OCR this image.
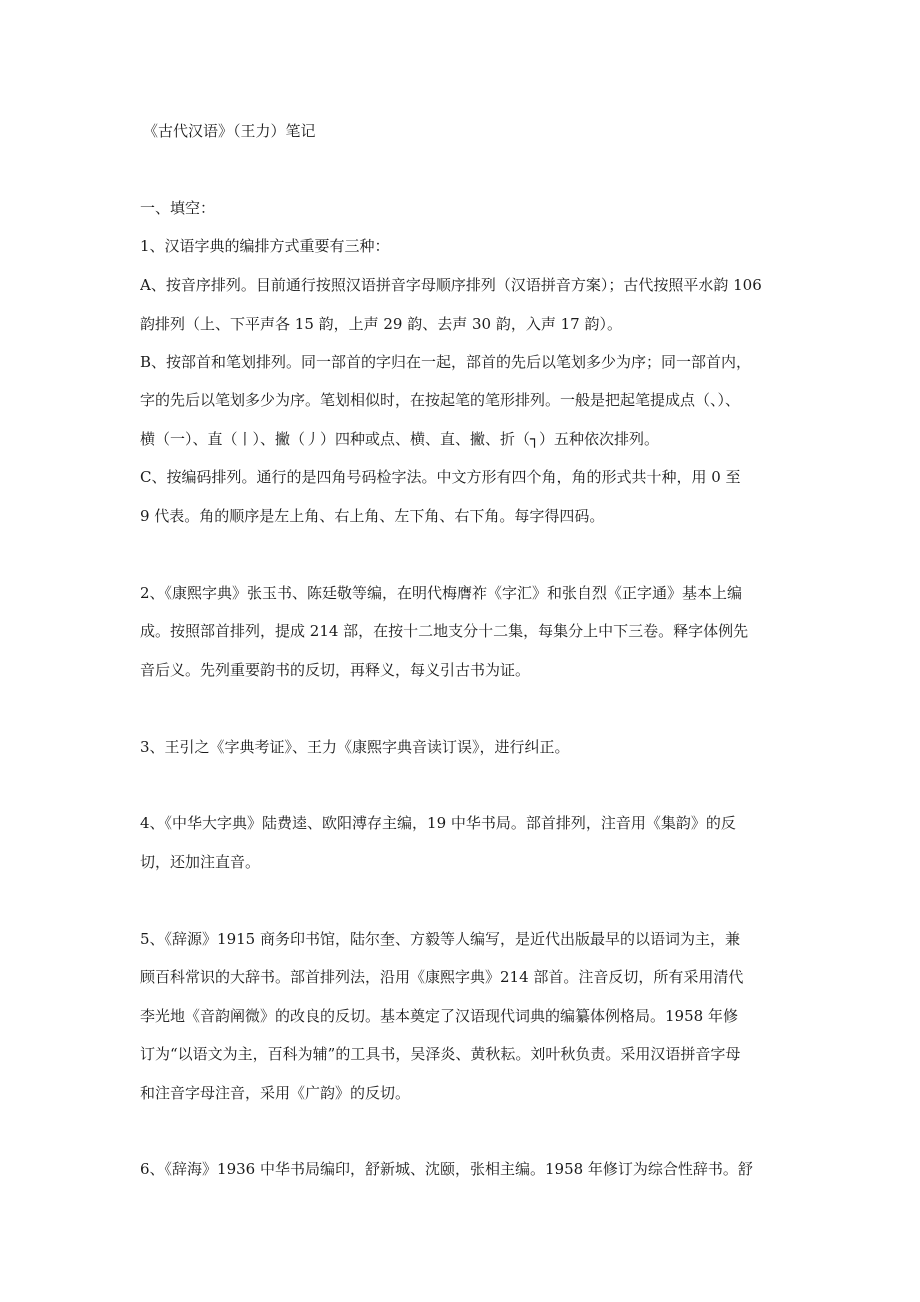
《古代汉语》（王力）笔记
一、填空：
1、汉语字典的编排方式重要有三种：
A、按音序排列。目前通行按照汉语拼音字母顺序排列（汉语拼音方案）；古代按照平水韵 106
韵排列（上、下平声各 15 韵，上声 29 韵、去声 30 韵，入声 17 韵）。
B、按部首和笔划排列。同一部首的字归在一起，部首的先后以笔划多少为序；同一部首内，
字的先后以笔划多少为序。笔划相似时，在按起笔的笔形排列。一般是把起笔提成点（、）、
横（一）、直（丨）、撇（丿）四种或点、横、直、撇、折（┐）五种依次排列。
C、按编码排列。通行的是四角号码检字法。中文方形有四个角，角的形式共十种，用 0 至
9 代表。角的顺序是左上角、右上角、左下角、右下角。每字得四码。
2、《康熙字典》张玉书、陈廷敬等编，在明代梅膺祚《字汇》和张自烈《正字通》基本上编
成。按照部首排列，提成 214 部，在按十二地支分十二集，每集分上中下三卷。释字体例先
音后义。先列重要韵书的反切，再释义，每义引古书为证。
3、王引之《字典考证》、王力《康熙字典音读订误》，进行纠正。
4、《中华大字典》陆费逵、欧阳溥存主编，19 中华书局。部首排列，注音用《集韵》的反
切，还加注直音。
5、《辞源》1915 商务印书馆，陆尔奎、方毅等人编写，是近代出版最早的以语词为主，兼
顾百科常识的大辞书。部首排列法，沿用《康熙字典》214 部首。注音反切，所有采用清代
李光地《音韵阐微》的改良的反切。基本奠定了汉语现代词典的编纂体例格局。1958 年修
订为“以语文为主，百科为辅”的工具书，吴泽炎、黄秋耘。刘叶秋负责。采用汉语拼音字母
和注音字母注音，采用《广韵》的反切。
6、《辞海》1936 中华书局编印，舒新城、沈颐，张相主编。1958 年修订为综合性辞书。舒
